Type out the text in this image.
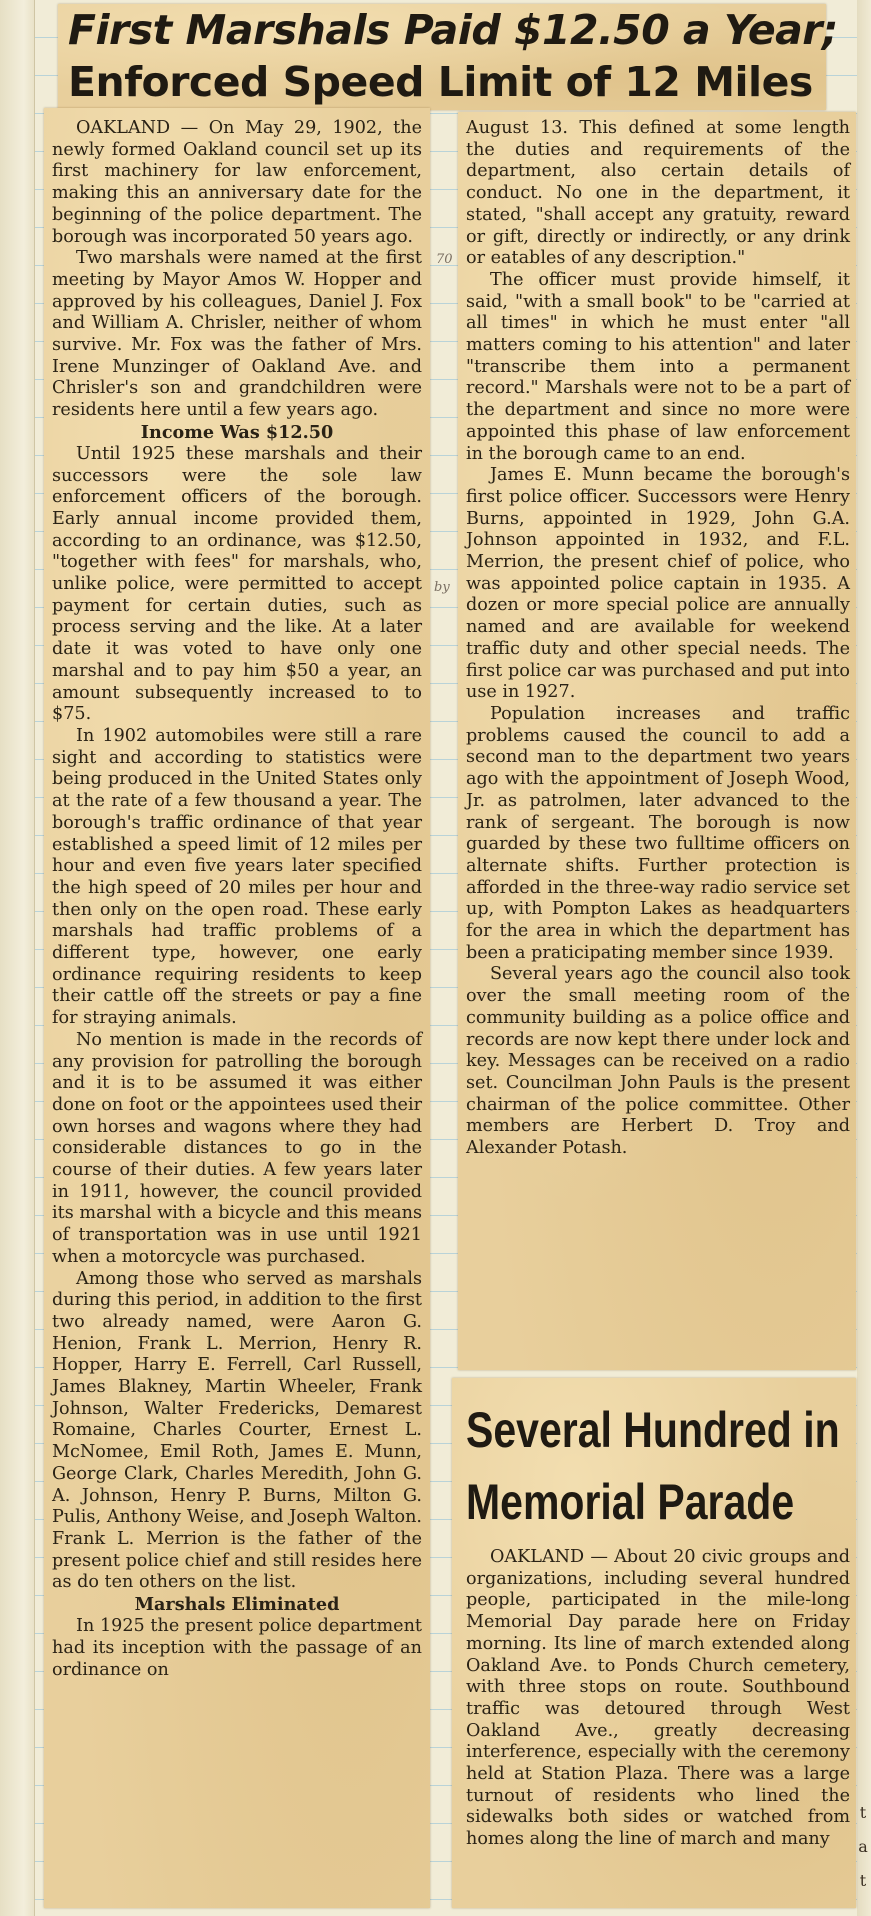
First Marshals Paid $12.50 a Year;
Enforced Speed Limit of 12 Miles

OAKLAND — On May 29, 1902, the newly formed Oakland council set up its first machinery for law enforcement, making this an anniversary date for the beginning of the police department. The borough was incorporated 50 years ago.

Two marshals were named at the first meeting by Mayor Amos W. Hopper and approved by his colleagues, Daniel J. Fox and William A. Chrisler, neither of whom survive. Mr. Fox was the father of Mrs. Irene Munzinger of Oakland Ave. and Chrisler's son and grandchildren were residents here until a few years ago.

Income Was $12.50

Until 1925 these marshals and their successors were the sole law enforcement officers of the borough. Early annual income provided them, according to an ordinance, was $12.50, "together with fees" for marshals, who, unlike police, were permitted to accept payment for certain duties, such as process serving and the like. At a later date it was voted to have only one marshal and to pay him $50 a year, an amount subsequently increased to to $75.

In 1902 automobiles were still a rare sight and according to statistics were being produced in the United States only at the rate of a few thousand a year. The borough's traffic ordinance of that year established a speed limit of 12 miles per hour and even five years later specified the high speed of 20 miles per hour and then only on the open road. These early marshals had traffic problems of a different type, however, one early ordinance requiring residents to keep their cattle off the streets or pay a fine for straying animals.

No mention is made in the records of any provision for patrolling the borough and it is to be assumed it was either done on foot or the appointees used their own horses and wagons where they had considerable distances to go in the course of their duties. A few years later in 1911, however, the council provided its marshal with a bicycle and this means of transportation was in use until 1921 when a motorcycle was purchased.

Among those who served as marshals during this period, in addition to the first two already named, were Aaron G. Henion, Frank L. Merrion, Henry R. Hopper, Harry E. Ferrell, Carl Russell, James Blakney, Martin Wheeler, Frank Johnson, Walter Fredericks, Demarest Romaine, Charles Courter, Ernest L. McNomee, Emil Roth, James E. Munn, George Clark, Charles Meredith, John G. A. Johnson, Henry P. Burns, Milton G. Pulis, Anthony Weise, and Joseph Walton. Frank L. Merrion is the father of the present police chief and still resides here as do ten others on the list.

Marshals Eliminated

In 1925 the present police department had its inception with the passage of an ordinance on

August 13. This defined at some length the duties and requirements of the department, also certain details of conduct. No one in the department, it stated, "shall accept any gratuity, reward or gift, directly or indirectly, or any drink or eatables of any description."

The officer must provide himself, it said, "with a small book" to be "carried at all times" in which he must enter "all matters coming to his attention" and later "transcribe them into a permanent record." Marshals were not to be a part of the department and since no more were appointed this phase of law enforcement in the borough came to an end.

James E. Munn became the borough's first police officer. Successors were Henry Burns, appointed in 1929, John G.A. Johnson appointed in 1932, and F.L. Merrion, the present chief of police, who was appointed police captain in 1935. A dozen or more special police are annually named and are available for weekend traffic duty and other special needs. The first police car was purchased and put into use in 1927.

Population increases and traffic problems caused the council to add a second man to the department two years ago with the appointment of Joseph Wood, Jr. as patrolmen, later advanced to the rank of sergeant. The borough is now guarded by these two fulltime officers on alternate shifts. Further protection is afforded in the three-way radio service set up, with Pompton Lakes as headquarters for the area in which the department has been a praticipating member since 1939.

Several years ago the council also took over the small meeting room of the community building as a police office and records are now kept there under lock and key. Messages can be received on a radio set. Councilman John Pauls is the present chairman of the police committee. Other members are Herbert D. Troy and Alexander Potash.

Several Hundred in
Memorial Parade

OAKLAND — About 20 civic groups and organizations, including several hundred people, participated in the mile-long Memorial Day parade here on Friday morning. Its line of march extended along Oakland Ave. to Ponds Church cemetery, with three stops on route. Southbound traffic was detoured through West Oakland Ave., greatly decreasing interference, especially with the ceremony held at Station Plaza. There was a large turnout of residents who lined the sidewalks both sides or watched from homes along the line of march and many

70
by
t
a
t
